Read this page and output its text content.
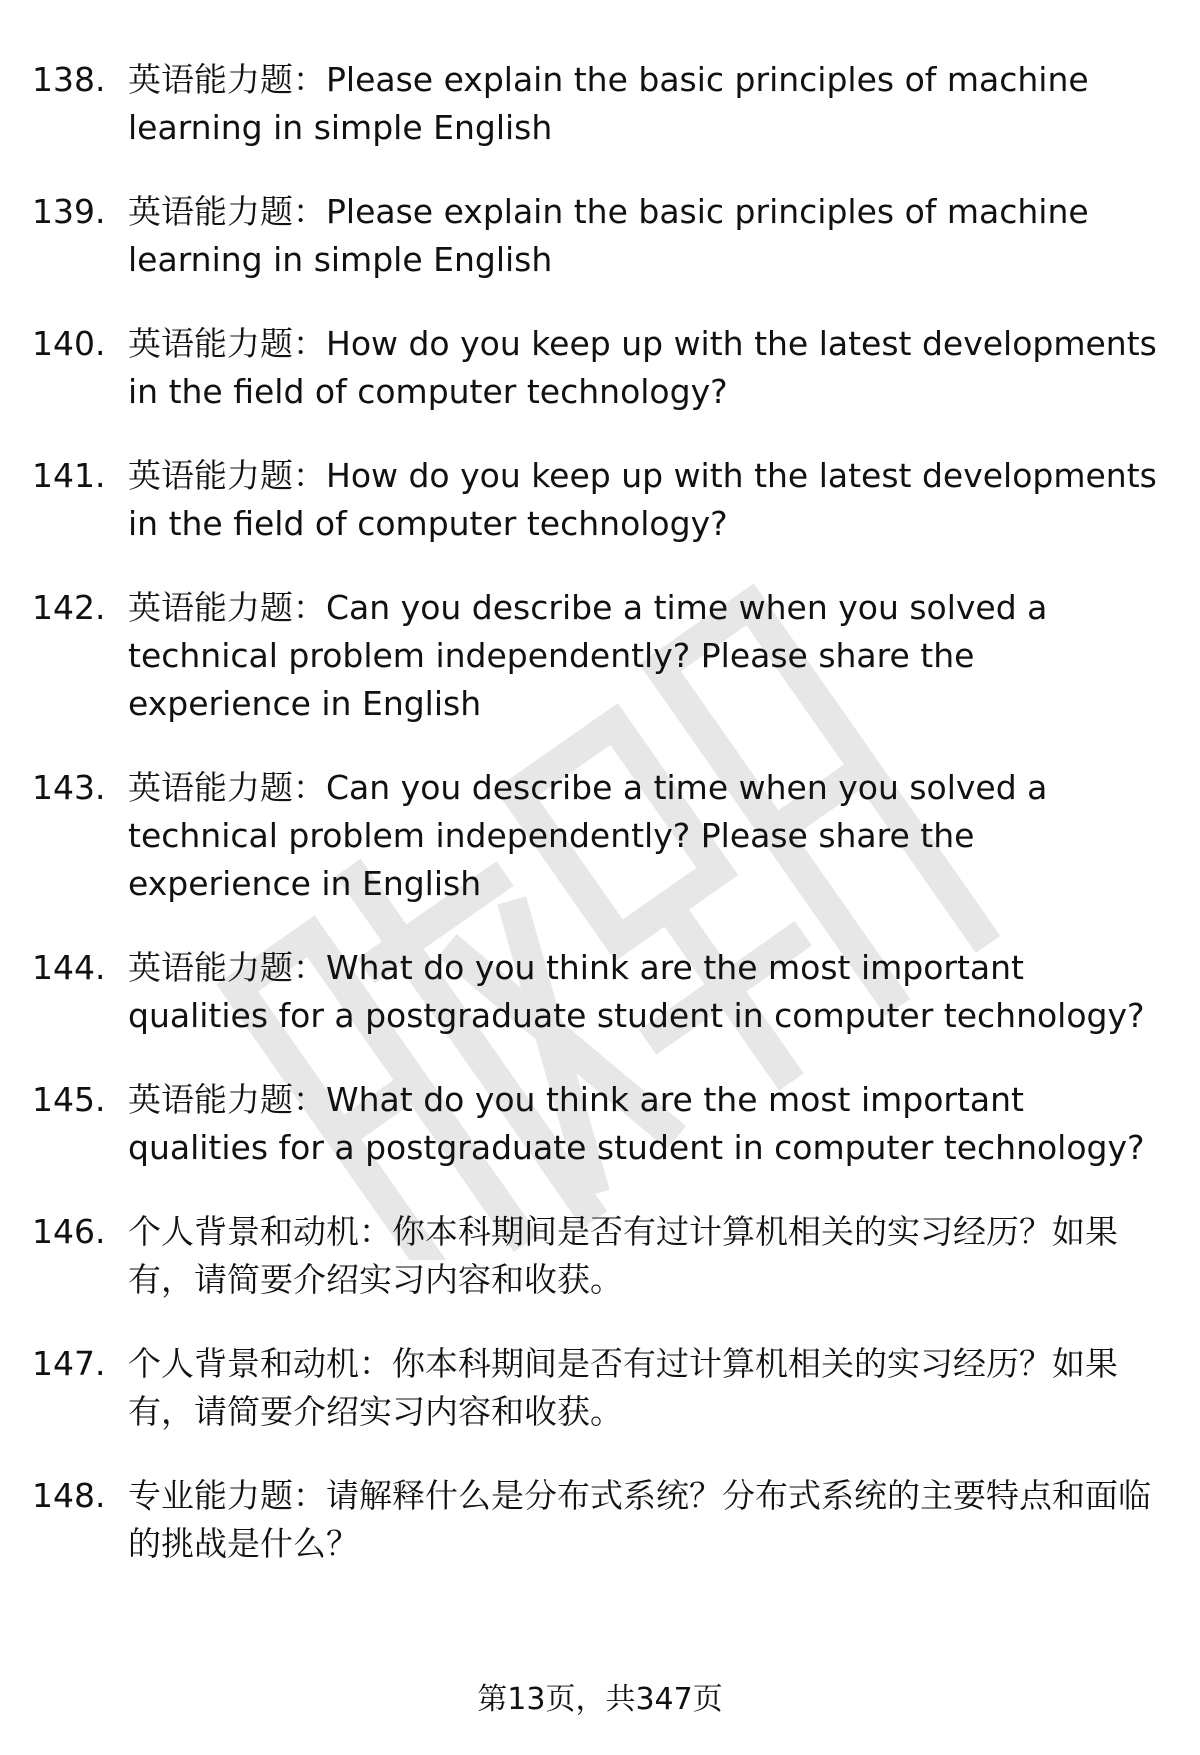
138. 英语能力题：Please explain the basic principles of machine learning in simple English
139. 英语能力题：Please explain the basic principles of machine learning in simple English
140. 英语能力题：How do you keep up with the latest developments in the field of computer technology?
141. 英语能力题：How do you keep up with the latest developments in the field of computer technology?
142. 英语能力题：Can you describe a time when you solved a technical problem independently? Please share the experience in English
143. 英语能力题：Can you describe a time when you solved a technical problem independently? Please share the experience in English
144. 英语能力题：What do you think are the most important qualities for a postgraduate student in computer technology?
145. 英语能力题：What do you think are the most important qualities for a postgraduate student in computer technology?
146. 个人背景和动机：你本科期间是否有过计算机相关的实习经历？如果有，请简要介绍实习内容和收获。
147. 个人背景和动机：你本科期间是否有过计算机相关的实习经历？如果有，请简要介绍实习内容和收获。
148. 专业能力题：请解释什么是分布式系统？分布式系统的主要特点和面临的挑战是什么？
第13页，共347页
